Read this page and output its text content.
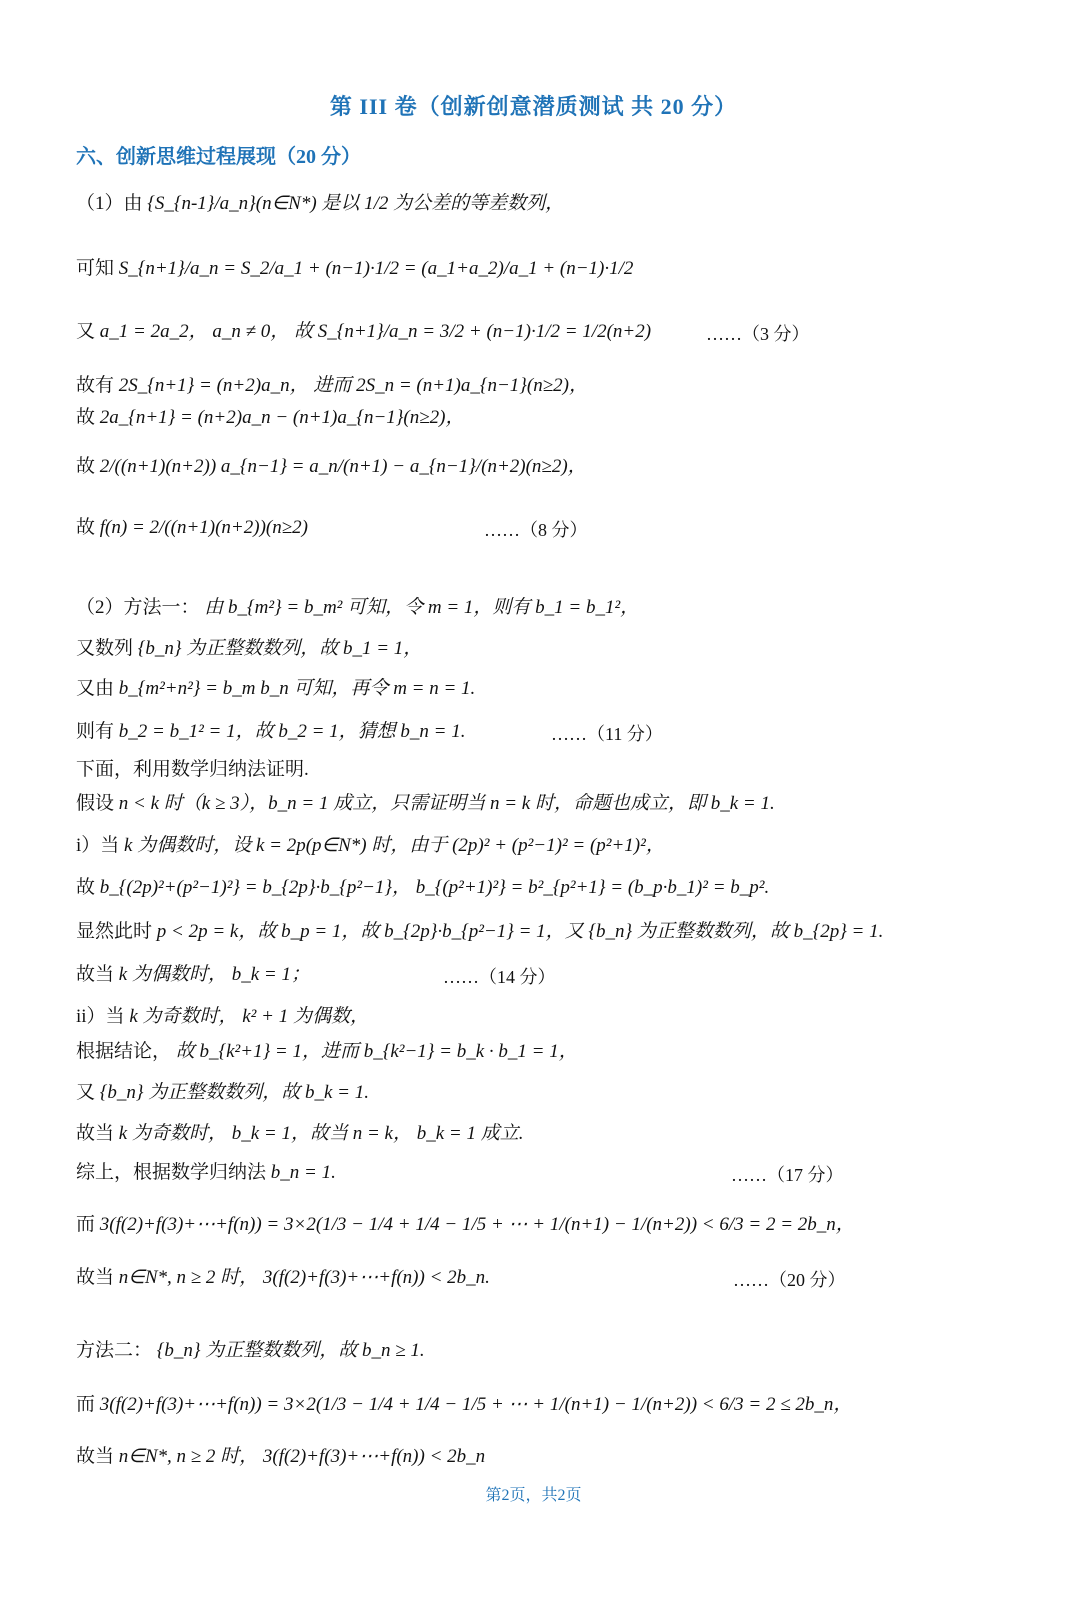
第 III 卷（创新创意潜质测试 共 20 分）
六、创新思维过程展现（20 分）
（1）由 {S_{n-1}/a_n}(n∈N*) 是以 1/2 为公差的等差数列，
可知 S_{n+1}/a_n = S_2/a_1 + (n−1)·1/2 = (a_1+a_2)/a_1 + (n−1)·1/2
又 a_1 = 2a_2， a_n ≠ 0， 故 S_{n+1}/a_n = 3/2 + (n−1)·1/2 = 1/2(n+2)	……（3 分）
故有 2S_{n+1} = (n+2)a_n， 进而 2S_n = (n+1)a_{n−1}(n≥2)，
故 2a_{n+1} = (n+2)a_n − (n+1)a_{n−1}(n≥2)，
故 2/((n+1)(n+2)) a_{n−1} = a_n/(n+1) − a_{n−1}/(n+2)(n≥2)，
故 f(n) = 2/((n+1)(n+2))(n≥2)	……（8 分）
（2）方法一： 由 b_{m²} = b_m² 可知，令 m = 1，则有 b_1 = b_1²，
又数列 {b_n} 为正整数数列，故 b_1 = 1，
又由 b_{m²+n²} = b_m b_n 可知，再令 m = n = 1.
则有 b_2 = b_1² = 1，故 b_2 = 1，猜想 b_n = 1.	……（11 分）
下面，利用数学归纳法证明.
假设 n < k 时（k ≥ 3），b_n = 1 成立，只需证明当 n = k 时，命题也成立，即 b_k = 1.
i）当 k 为偶数时，设 k = 2p(p∈N*) 时，由于 (2p)² + (p²−1)² = (p²+1)²，
故 b_{(2p)²+(p²−1)²} = b_{2p}·b_{p²−1}， b_{(p²+1)²} = b²_{p²+1} = (b_p·b_1)² = b_p².
显然此时 p < 2p = k，故 b_p = 1，故 b_{2p}·b_{p²−1} = 1，又 {b_n} 为正整数数列，故 b_{2p} = 1.
故当 k 为偶数时， b_k = 1；	……（14 分）
ii）当 k 为奇数时， k² + 1 为偶数，
根据结论， 故 b_{k²+1} = 1，进而 b_{k²−1} = b_k · b_1 = 1，
又 {b_n} 为正整数数列，故 b_k = 1.
故当 k 为奇数时， b_k = 1，故当 n = k， b_k = 1 成立.
综上，根据数学归纳法 b_n = 1.	……（17 分）
而 3(f(2)+f(3)+⋯+f(n)) = 3×2(1/3 − 1/4 + 1/4 − 1/5 + ⋯ + 1/(n+1) − 1/(n+2)) < 6/3 = 2 = 2b_n，
故当 n∈N*, n ≥ 2 时， 3(f(2)+f(3)+⋯+f(n)) < 2b_n.	……（20 分）
方法二： {b_n} 为正整数数列，故 b_n ≥ 1.
而 3(f(2)+f(3)+⋯+f(n)) = 3×2(1/3 − 1/4 + 1/4 − 1/5 + ⋯ + 1/(n+1) − 1/(n+2)) < 6/3 = 2 ≤ 2b_n，
故当 n∈N*, n ≥ 2 时， 3(f(2)+f(3)+⋯+f(n)) < 2b_n
第2页，共2页
